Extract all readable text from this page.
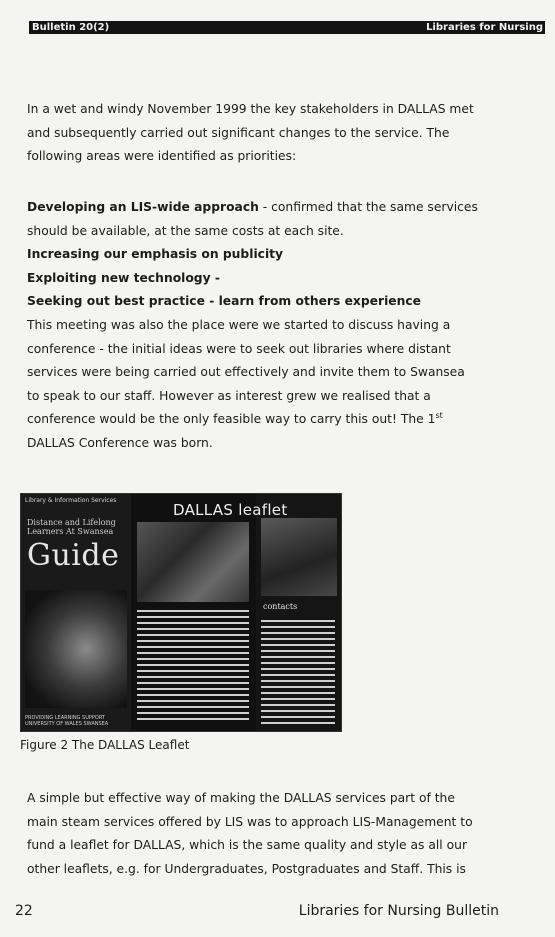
Bulletin 20(2)	Libraries for Nursing
In a wet and windy November 1999 the key stakeholders in DALLAS met
and subsequently carried out significant changes to the service. The
following areas were identified as priorities:
Developing an LIS-wide approach - confirmed that the same services
should be available, at the same costs at each site.
Increasing our emphasis on publicity
Exploiting new technology -
Seeking out best practice - learn from others experience
This meeting was also the place were we started to discuss having a
conference - the initial ideas were to seek out libraries where distant
services were being carried out effectively and invite them to Swansea
to speak to our staff. However as interest grew we realised that a
conference would be the only feasible way to carry this out! The 1st
DALLAS Conference was born.
Library & Information Services
Distance and Lifelong Learners At Swansea
Guide
PROVIDING LEARNING SUPPORT UNIVERSITY OF WALES SWANSEA
DALLAS leaflet
contacts
Figure 2 The DALLAS Leaflet
A simple but effective way of making the DALLAS services part of the
main steam services offered by LIS was to approach LIS-Management to
fund a leaflet for DALLAS, which is the same quality and style as all our
other leaflets, e.g. for Undergraduates, Postgraduates and Staff. This is
22	Libraries for Nursing Bulletin
